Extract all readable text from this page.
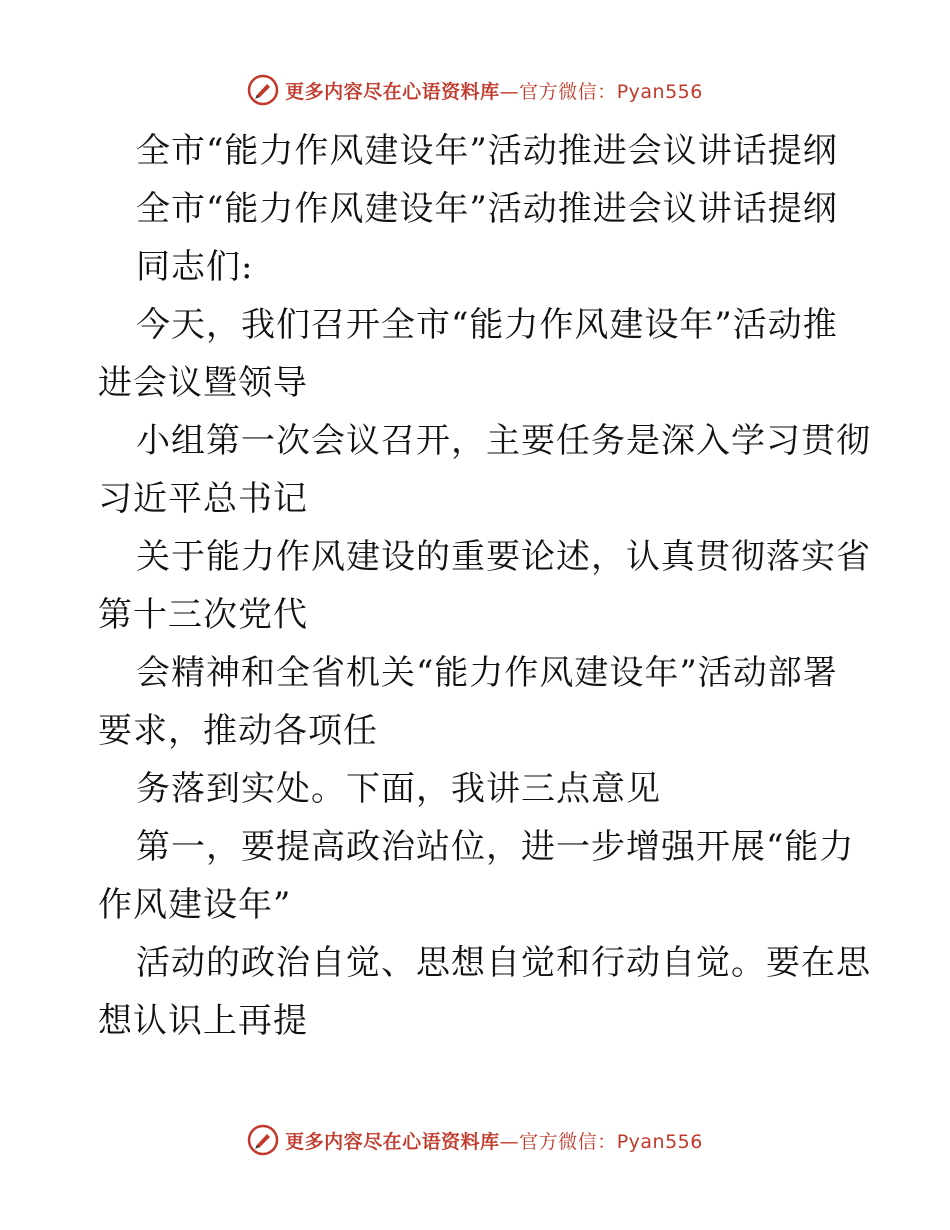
更多内容尽在心语资料库—官方微信：Pyan556
全市“能力作风建设年”活动推进会议讲话提纲
全市“能力作风建设年”活动推进会议讲话提纲
同志们:
今天，我们召开全市“能力作风建设年”活动推
进会议暨领导
小组第一次会议召开，主要任务是深入学习贯彻
习近平总书记
关于能力作风建设的重要论述，认真贯彻落实省
第十三次党代
会精神和全省机关“能力作风建设年”活动部署
要求，推动各项任
务落到实处。下面，我讲三点意见
第一，要提高政治站位，进一步增强开展“能力
作风建设年”
活动的政治自觉、思想自觉和行动自觉。要在思
想认识上再提
更多内容尽在心语资料库—官方微信：Pyan556
